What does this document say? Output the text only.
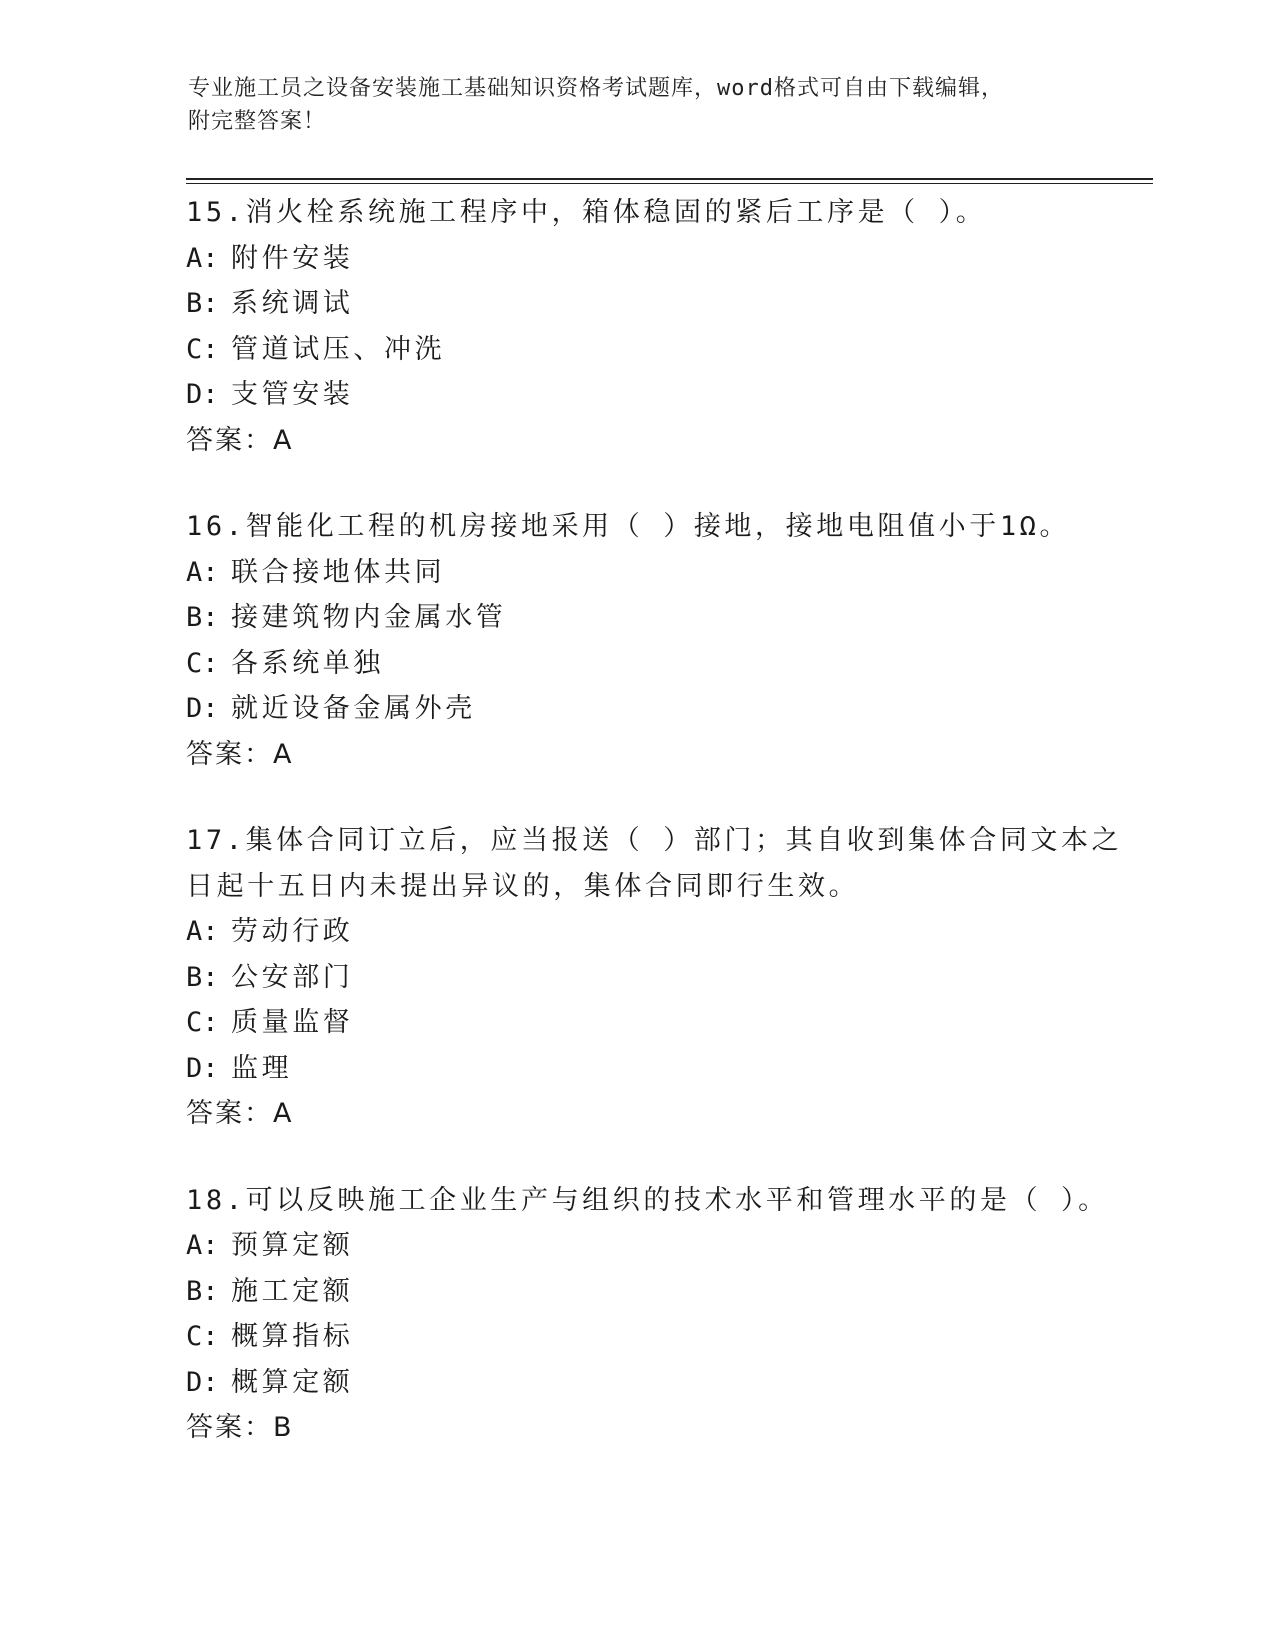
专业施工员之设备安装施工基础知识资格考试题库，word格式可自由下载编辑，
附完整答案！
15.消火栓系统施工程序中，箱体稳固的紧后工序是（ ）。
A: 附件安装
B: 系统调试
C: 管道试压、冲洗
D: 支管安装
答案：A
16.智能化工程的机房接地采用（ ）接地，接地电阻值小于1Ω。
A: 联合接地体共同
B: 接建筑物内金属水管
C: 各系统单独
D: 就近设备金属外壳
答案：A
17.集体合同订立后，应当报送（ ）部门；其自收到集体合同文本之
日起十五日内未提出异议的，集体合同即行生效。
A: 劳动行政
B: 公安部门
C: 质量监督
D: 监理
答案：A
18.可以反映施工企业生产与组织的技术水平和管理水平的是（ ）。
A: 预算定额
B: 施工定额
C: 概算指标
D: 概算定额
答案：B
